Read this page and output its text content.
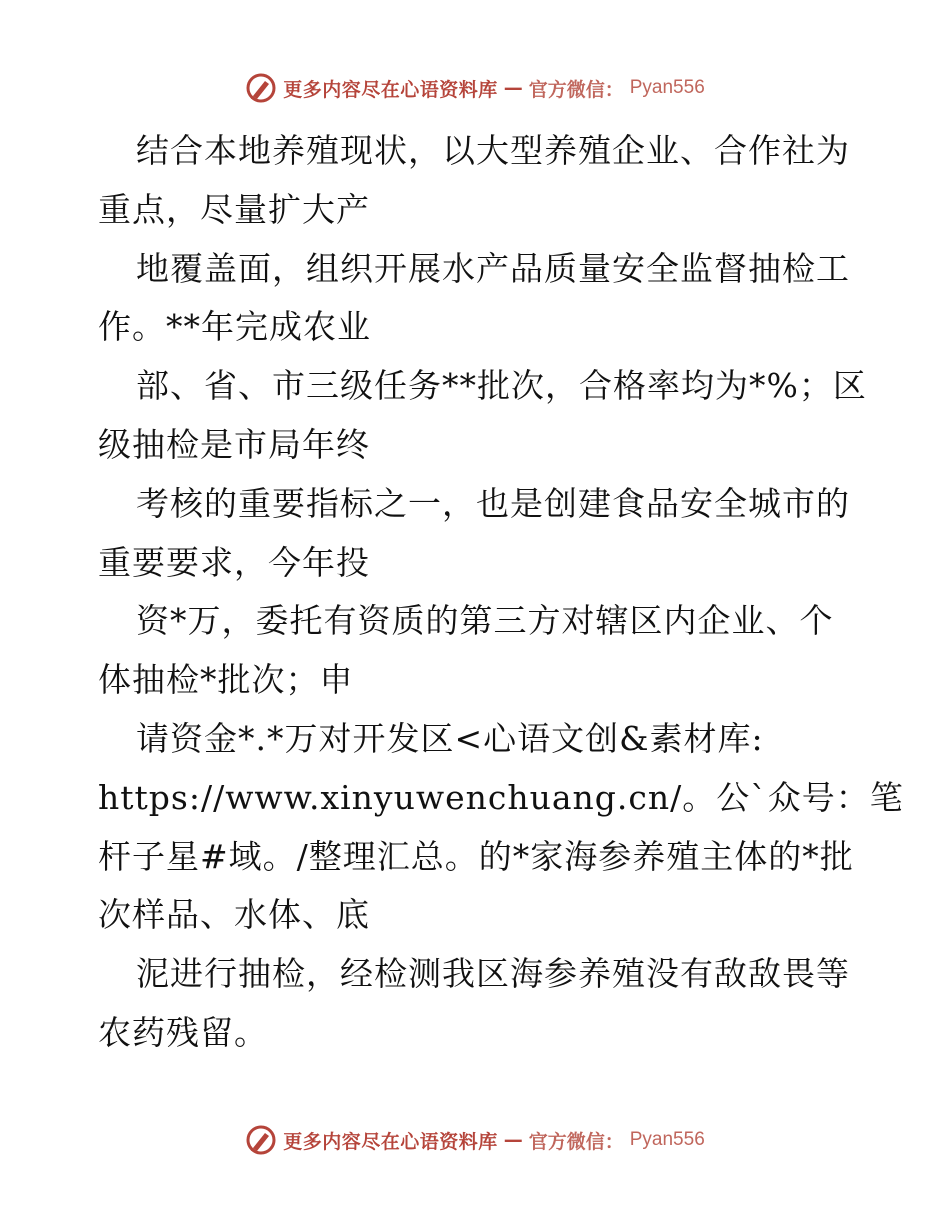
更多内容尽在心语资料库 — 官方微信： Pyan556
结合本地养殖现状，以大型养殖企业、合作社为
重点，尽量扩大产
地覆盖面，组织开展水产品质量安全监督抽检工
作。**年完成农业
部、省、市三级任务**批次，合格率均为*%；区
级抽检是市局年终
考核的重要指标之一，也是创建食品安全城市的
重要要求，今年投
资*万，委托有资质的第三方对辖区内企业、个
体抽检*批次；申
请资金*.*万对开发区<心语文创&素材库:
https://www.xinyuwenchuang.cn/。公`众号：笔
杆子星#域。/整理汇总。的*家海参养殖主体的*批
次样品、水体、底
泥进行抽检，经检测我区海参养殖没有敌敌畏等
农药残留。
更多内容尽在心语资料库 — 官方微信： Pyan556
